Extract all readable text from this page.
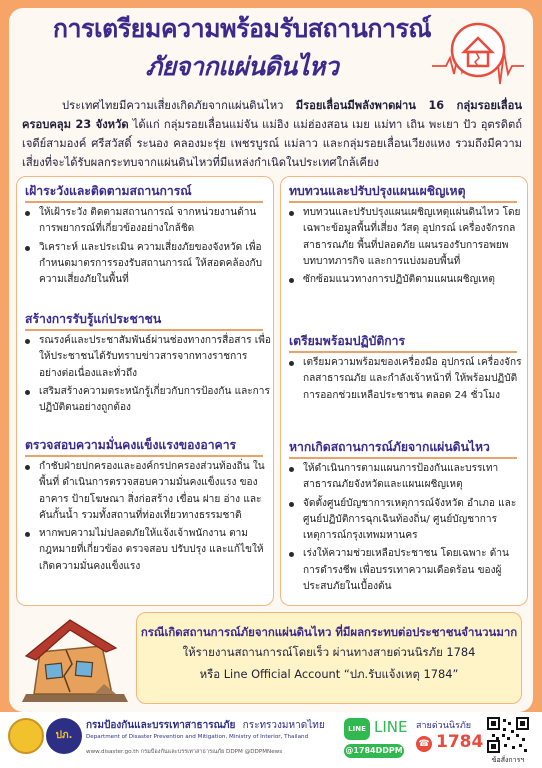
การเตรียมความพร้อมรับสถานการณ์
ภัยจากแผ่นดินไหว
ประเทศไทยมีความเสี่ยงเกิดภัยจากแผ่นดินไหว มีรอยเลื่อนมีพลังพาดผ่าน 16 กลุ่มรอยเลื่อน ครอบคลุม 23 จังหวัด ได้แก่ กลุ่มรอยเลื่อนแม่จัน แม่อิง แม่ฮ่องสอน เมย แม่ทา เถิน พะเยา ปัว อุตรดิตถ์ เจดีย์สามองค์ ศรีสวัสดิ์ ระนอง คลองมะรุ่ย เพชรบูรณ์ แม่ลาว และกลุ่มรอยเลื่อนเวียงแหง รวมถึงมีความเสี่ยงที่จะได้รับผลกระทบจากแผ่นดินไหวที่มีแหล่งกำเนิดในประเทศใกล้เคียง
เฝ้าระวังและติดตามสถานการณ์
ให้เฝ้าระวัง ติดตามสถานการณ์ จากหน่วยงานด้านการพยากรณ์ที่เกี่ยวข้องอย่างใกล้ชิด
วิเคราะห์ และประเมิน ความเสี่ยงภัยของจังหวัด เพื่อกำหนดมาตรการรองรับสถานการณ์ ให้สอดคล้องกับความเสี่ยงภัยในพื้นที่
สร้างการรับรู้แก่ประชาชน
รณรงค์และประชาสัมพันธ์ผ่านช่องทางการสื่อสาร เพื่อให้ประชาชนได้รับทราบข่าวสารจากทางราชการ อย่างต่อเนื่องและทั่วถึง
เสริมสร้างความตระหนักรู้เกี่ยวกับการป้องกัน และการปฏิบัติตนอย่างถูกต้อง
ตรวจสอบความมั่นคงแข็งแรงของอาคาร
กำชับฝ่ายปกครองและองค์กรปกครองส่วนท้องถิ่น ในพื้นที่ ดำเนินการตรวจสอบความมั่นคงแข็งแรง ของอาคาร ป้ายโฆษณา สิ่งก่อสร้าง เขื่อน ฝาย อ่าง และคันกั้นน้ำ รวมทั้งสถานที่ท่องเที่ยวทางธรรมชาติ
หากพบความไม่ปลอดภัยให้แจ้งเจ้าพนักงาน ตามกฎหมายที่เกี่ยวข้อง ตรวจสอบ ปรับปรุง และแก้ไขให้เกิดความมั่นคงแข็งแรง
ทบทวนและปรับปรุงแผนเผชิญเหตุ
ทบทวนและปรับปรุงแผนเผชิญเหตุแผ่นดินไหว โดยเฉพาะข้อมูลพื้นที่เสี่ยง วัสดุ อุปกรณ์ เครื่องจักรกลสาธารณภัย พื้นที่ปลอดภัย แผนรองรับการอพยพ บทบาทภารกิจ และการแบ่งมอบพื้นที่
ซักซ้อมแนวทางการปฏิบัติตามแผนเผชิญเหตุ
เตรียมพร้อมปฏิบัติการ
เตรียมความพร้อมของเครื่องมือ อุปกรณ์ เครื่องจักรกลสาธารณภัย และกำลังเจ้าหน้าที่ ให้พร้อมปฏิบัติการออกช่วยเหลือประชาชน ตลอด 24 ชั่วโมง
หากเกิดสถานการณ์ภัยจากแผ่นดินไหว
ให้ดำเนินการตามแผนการป้องกันและบรรเทา สาธารณภัยจังหวัดและแผนเผชิญเหตุ
จัดตั้งศูนย์บัญชาการเหตุการณ์จังหวัด อำเภอ และศูนย์ปฏิบัติการฉุกเฉินท้องถิ่น/ ศูนย์บัญชาการเหตุการณ์กรุงเทพมหานคร
เร่งให้ความช่วยเหลือประชาชน โดยเฉพาะ ด้านการดำรงชีพ เพื่อบรรเทาความเดือดร้อน ของผู้ประสบภัยในเบื้องต้น
กรณีเกิดสถานการณ์ภัยจากแผ่นดินไหว ที่มีผลกระทบต่อประชาชนจำนวนมาก
ให้รายงานสถานการณ์โดยเร็ว ผ่านทางสายด่วนนิรภัย 1784
หรือ Line Official Account “ปภ.รับแจ้งเหตุ 1784”
ปภ.
กรมป้องกันและบรรเทาสาธารณภัย กระทรวงมหาดไทย
Department of Disaster Prevention and Mitigation, Ministry of Interior, Thailand
www.disaster.go.th กรมป้องกันและบรรเทาสาธารณภัย DDPM @DDPMNews
LINE LINE
@1784DDPM
สายด่วนนิรภัย
☎ 1784
ข้อสั่งการฯ
